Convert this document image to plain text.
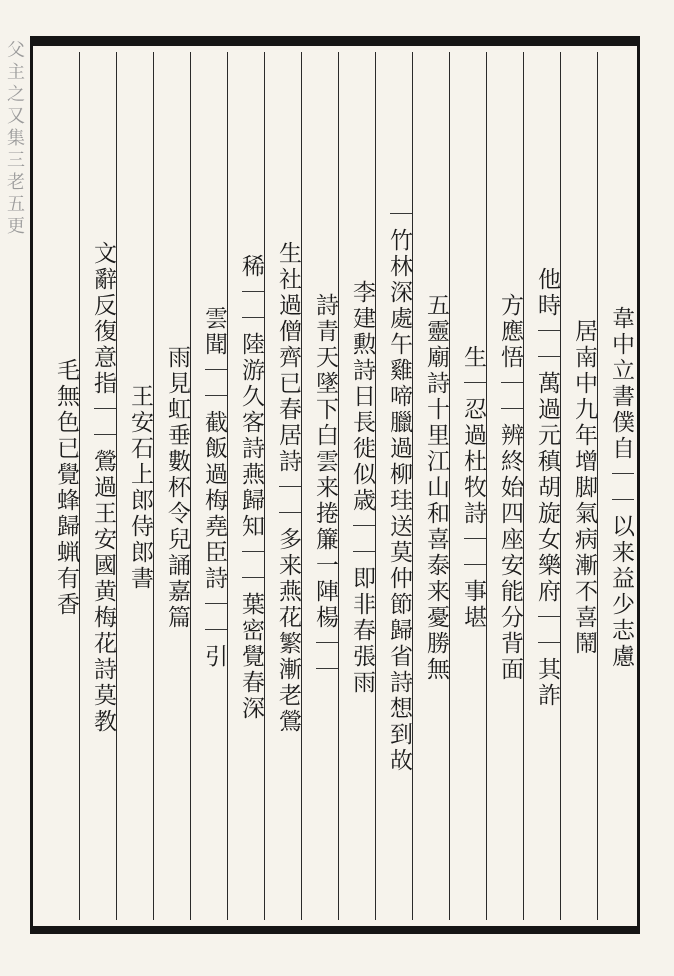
父主之又集三老五更
韋中立書僕自｜｜以来益少志慮
居南中九年增脚氣病漸不喜鬧
他時｜｜萬過元稹胡旋女樂府｜｜其詐
方應悟｜｜辨終始四座安能分背面
生｜忍過杜牧詩｜｜事堪
五靈廟詩十里江山和喜泰来憂勝無
｜竹林深處午雞啼臘過柳珪送莫仲節歸省詩想到故
李建勲詩日長徙似歳｜｜即非春張雨
詩青天墜下白雲来捲簾一陣楊｜｜
生社過僧齊已春居詩｜｜多来燕花繁漸老鶯
稀｜｜陸游久客詩燕歸知｜｜葉密覺春深
雲聞｜｜截飯過梅堯臣詩｜｜引
雨見虹垂數杯令兒誦嘉篇
王安石上郎侍郎書
文辭反復意指｜｜鶯過王安國黄梅花詩莫教
毛無色已覺蜂歸蝋有香
